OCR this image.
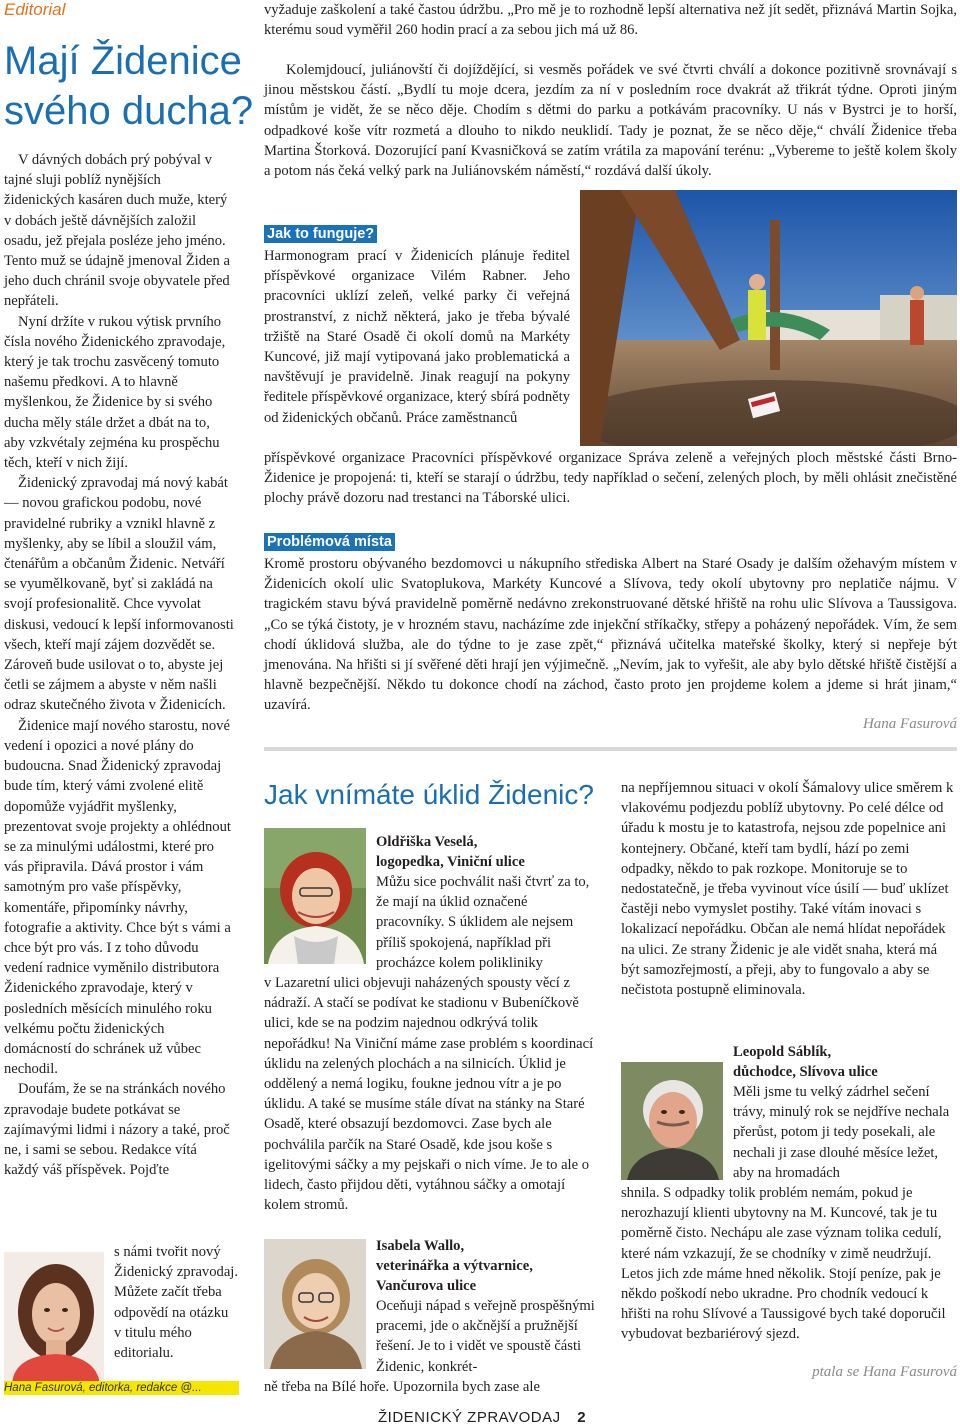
Editorial
Mají Židenice
svého ducha?

V dávných dobách prý pobýval v tajné sluji poblíž nynějších židenických kasáren duch muže, který v dobách ještě dávnějších založil osadu, jež přejala posléze jeho jméno. Tento muž se údajně jmenoval Židen a jeho duch chránil svoje obyvatele před nepřáteli.

Nyní držíte v rukou výtisk prvního čísla nového Židenického zpravodaje, který je tak trochu zasvěcený tomuto našemu předkovi. A to hlavně myšlenkou, že Židenice by si svého ducha měly stále držet a dbát na to, aby vzkvétaly zejména ku prospěchu těch, kteří v nich žijí.

Židenický zpravodaj má nový kabát — novou grafickou podobu, nové pravidelné rubriky a vznikl hlavně z myšlenky, aby se líbil a sloužil vám, čtenářům a občanům Židenic. Netváří se vyumělkovaně, byť si zakládá na svojí profesionalitě. Chce vyvolat diskusi, vedoucí k lepší informovanosti všech, kteří mají zájem dozvědět se. Zároveň bude usilovat o to, abyste jej četli se zájmem a abyste v něm našli odraz skutečného života v Židenicích.

Židenice mají nového starostu, nové vedení i opozici a nové plány do budoucna. Snad Židenický zpravodaj bude tím, který vámi zvolené elitě dopomůže vyjádřit myšlenky, prezentovat svoje projekty a ohlédnout se za minulými událostmi, které pro vás připravila. Dává prostor i vám samotným pro vaše příspěvky, komentáře, připomínky návrhy, fotografie a aktivity. Chce být s vámi a chce být pro vás. I z toho důvodu vedení radnice vyměnilo distributora Židenického zpravodaje, který v posledních měsících minulého roku velkému počtu židenických domácností do schránek už vůbec nechodil.

Doufám, že se na stránkách nového zpravodaje budete potkávat se zajímavými lidmi i názory a také, proč ne, i sami se sebou. Redakce vítá každý váš příspěvek. Pojďte

s námi tvořit nový Židenický zpravodaj. Můžete začít třeba odpovědí na otázku v titulu mého editorialu.
Hana Fasurová, editorka, redakce @...
vyžaduje zaškolení a také častou údržbu. „Pro mě je to rozhodně lepší alternativa než jít sedět, přiznává Martin Sojka, kterému soud vyměřil 260 hodin prací a za sebou jich má už 86.
Kolemjdoucí, juliánovští či dojíždějící, si vesměs pořádek ve své čtvrti chválí a dokonce pozitivně srovnávají s jinou městskou částí. „Bydlí tu moje dcera, jezdím za ní v posledním roce dvakrát až třikrát týdne. Oproti jiným místům je vidět, že se něco děje. Chodím s dětmi do parku a potkávám pracovníky. U nás v Bystrci je to horší, odpadkové koše vítr rozmetá a dlouho to nikdo neuklidí. Tady je poznat, že se něco děje,“ chválí Židenice třeba Martina Štorková. Dozorující paní Kvasničková se zatím vrátila za mapování terénu: „Vybereme to ještě kolem školy a potom nás čeká velký park na Juliánovském náměstí,“ rozdává další úkoly.
Jak to funguje?
Harmonogram prací v Židenicích plánuje ředitel příspěvkové organizace Vilém Rabner. Jeho pracovníci uklízí zeleň, velké parky či veřejná prostranství, z nichž některá, jako je třeba bývalé tržiště na Staré Osadě či okolí domů na Markéty Kuncové, již mají vytipovaná jako problematická a navštěvují je pravidelně. Jinak reagují na pokyny ředitele příspěvkové organizace, který sbírá podněty od židenických občanů. Práce zaměstnanců
příspěvkové organizace Pracovníci příspěvkové organizace Správa zeleně a veřejných ploch městské části Brno-Židenice je propojená: ti, kteří se starají o údržbu, tedy například o sečení, zelených ploch, by měli ohlásit znečistěné plochy právě dozoru nad trestanci na Táborské ulici.
Problémová místa
Kromě prostoru obývaného bezdomovci u nákupního střediska Albert na Staré Osady je dalším ožehavým místem v Židenicích okolí ulic Svatoplukova, Markéty Kuncové a Slívova, tedy okolí ubytovny pro neplatiče nájmu. V tragickém stavu bývá pravidelně poměrně nedávno zrekonstruované dětské hřiště na rohu ulic Slívova a Taussigova. „Co se týká čistoty, je v hrozném stavu, nacházíme zde injekční stříkačky, střepy a poházený nepořádek. Vím, že sem chodí úklidová služba, ale do týdne to je zase zpět,“ přiznává učitelka mateřské školky, který si nepřeje být jmenována. Na hřišti si jí svěřené děti hrají jen výjimečně. „Nevím, jak to vyřešit, ale aby bylo dětské hřiště čistější a hlavně bezpečnější. Někdo tu dokonce chodí na záchod, často proto jen projdeme kolem a jdeme si hrát jinam,“ uzavírá.
Hana Fasurová
Jak vnímáte úklid Židenic?
Oldřiška Veselá,
logopedka, Viniční ulice
Můžu sice pochválit naši čtvrť za to, že mají na úklid označené pracovníky. S úklidem ale nejsem příliš spokojená, například při procházce kolem polikliniky
v Lazaretní ulici objevuji naházených spousty věcí z nádraží. A stačí se podívat ke stadionu v Bubeníčkově ulici, kde se na podzim najednou odkrývá tolik nepořádku! Na Viniční máme zase problém s koordinací úklidu na zelených plochách a na silnicích. Úklid je oddělený a nemá logiku, foukne jednou vítr a je po úklidu. A také se musíme stále dívat na stánky na Staré Osadě, které obsazují bezdomovci. Zase bych ale pochválila parčík na Staré Osadě, kde jsou koše s igelitovými sáčky a my pejskaři o nich víme. Je to ale o lidech, často přijdou děti, vytáhnou sáčky a omotají kolem stromů.
Isabela Wallo,
veterinářka a výtvarnice,
Vančurova ulice
Oceňuji nápad s veřejně prospěšnými pracemi, jde o akčnější a pružnější řešení. Je to i vidět ve spoustě části Židenic, konkrét-
ně třeba na Bílé hoře. Upozornila bych zase ale
na nepříjemnou situaci v okolí Šámalovy ulice směrem k vlakovému podjezdu poblíž ubytovny. Po celé délce od úřadu k mostu je to katastrofa, nejsou zde popelnice ani kontejnery. Občané, kteří tam bydlí, hází po zemi odpadky, někdo to pak rozkope. Monitoruje se to nedostatečně, je třeba vyvinout více úsilí — buď uklízet častěji nebo vymyslet postihy. Také vítám inovaci s lokalizací nepořádku. Občan ale nemá hlídat nepořádek na ulici. Ze strany Židenic je ale vidět snaha, která má být samozřejmostí, a přeji, aby to fungovalo a aby se nečistota postupně eliminovala.
Leopold Sáblík,
důchodce, Slívova ulice
Měli jsme tu velký zádrhel sečení trávy, minulý rok se nejdříve nechala přerůst, potom ji tedy posekali, ale nechali ji zase dlouhé měsíce ležet, aby na hromadách
shnila. S odpadky tolik problém nemám, pokud je nerozhazují klienti ubytovny na M. Kuncové, tak je tu poměrně čisto. Nechápu ale zase význam tolika cedulí, které nám vzkazují, že se chodníky v zimě neudržují. Letos jich zde máme hned několik. Stojí peníze, pak je někdo poškodí nebo ukradne. Pro chodník vedoucí k hřišti na rohu Slívové a Taussigové bych také doporučil vybudovat bezbariérový sjezd.
ptala se Hana Fasurová
ŽIDENICKÝ ZPRAVODAJ 2
